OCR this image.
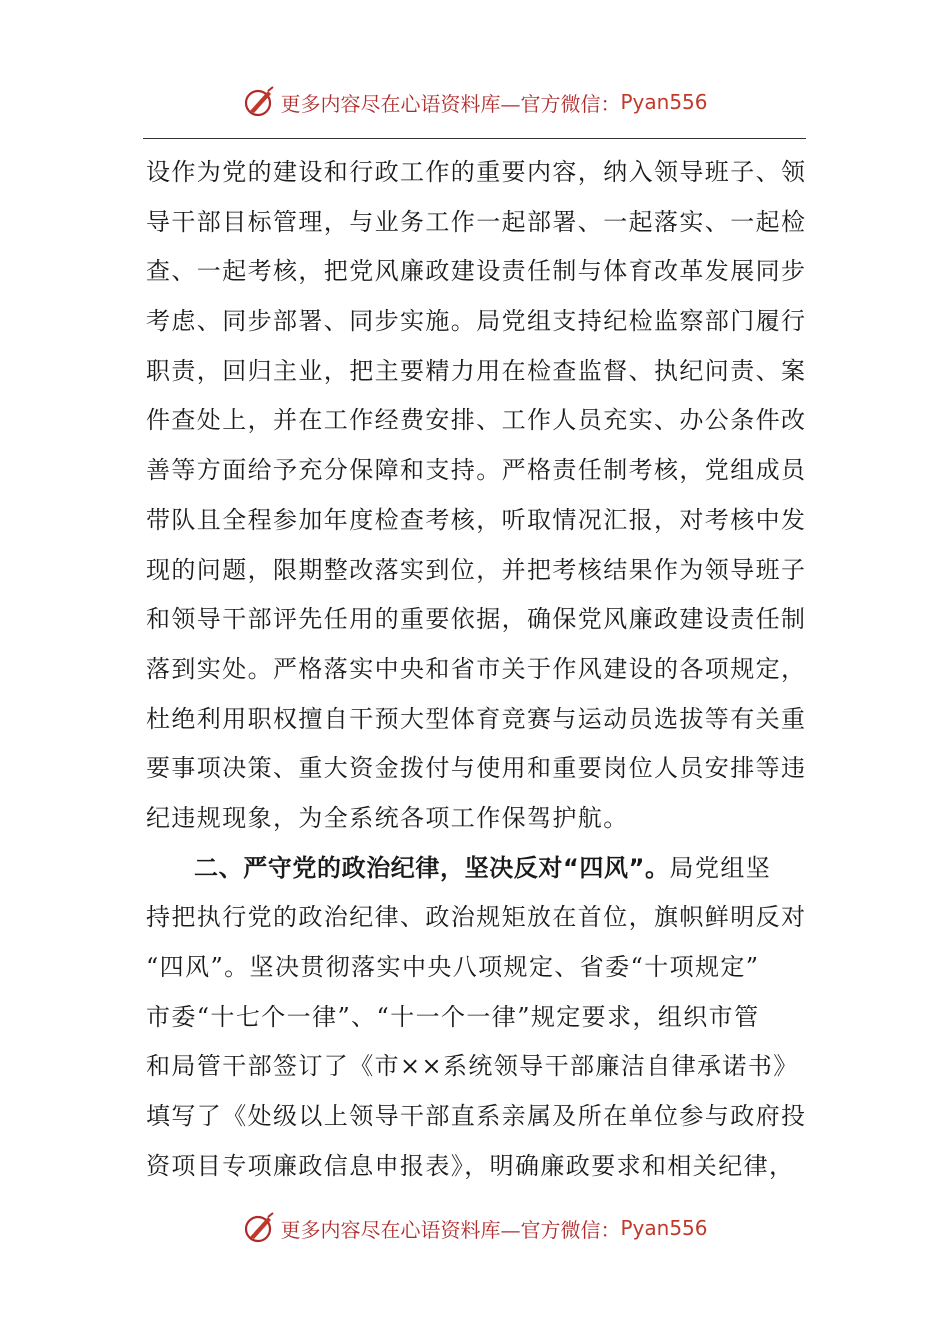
更多内容尽在心语资料库—官方微信： Pyan556
设作为党的建设和行政工作的重要内容，纳入领导班子、领
导干部目标管理，与业务工作一起部署、一起落实、一起检
查、一起考核，把党风廉政建设责任制与体育改革发展同步
考虑、同步部署、同步实施。局党组支持纪检监察部门履行
职责，回归主业，把主要精力用在检查监督、执纪问责、案
件查处上，并在工作经费安排、工作人员充实、办公条件改
善等方面给予充分保障和支持。严格责任制考核，党组成员
带队且全程参加年度检查考核，听取情况汇报，对考核中发
现的问题，限期整改落实到位，并把考核结果作为领导班子
和领导干部评先任用的重要依据，确保党风廉政建设责任制
落到实处。严格落实中央和省市关于作风建设的各项规定，
杜绝利用职权擅自干预大型体育竞赛与运动员选拔等有关重
要事项决策、重大资金拨付与使用和重要岗位人员安排等违
纪违规现象，为全系统各项工作保驾护航。
二、严守党的政治纪律，坚决反对“四风”。局党组坚
持把执行党的政治纪律、政治规矩放在首位，旗帜鲜明反对
“四风”。坚决贯彻落实中央八项规定、省委“十项规定”
市委“十七个一律”、“十一个一律”规定要求，组织市管
和局管干部签订了《市××系统领导干部廉洁自律承诺书》
填写了《处级以上领导干部直系亲属及所在单位参与政府投
资项目专项廉政信息申报表》，明确廉政要求和相关纪律，
更多内容尽在心语资料库—官方微信： Pyan556
